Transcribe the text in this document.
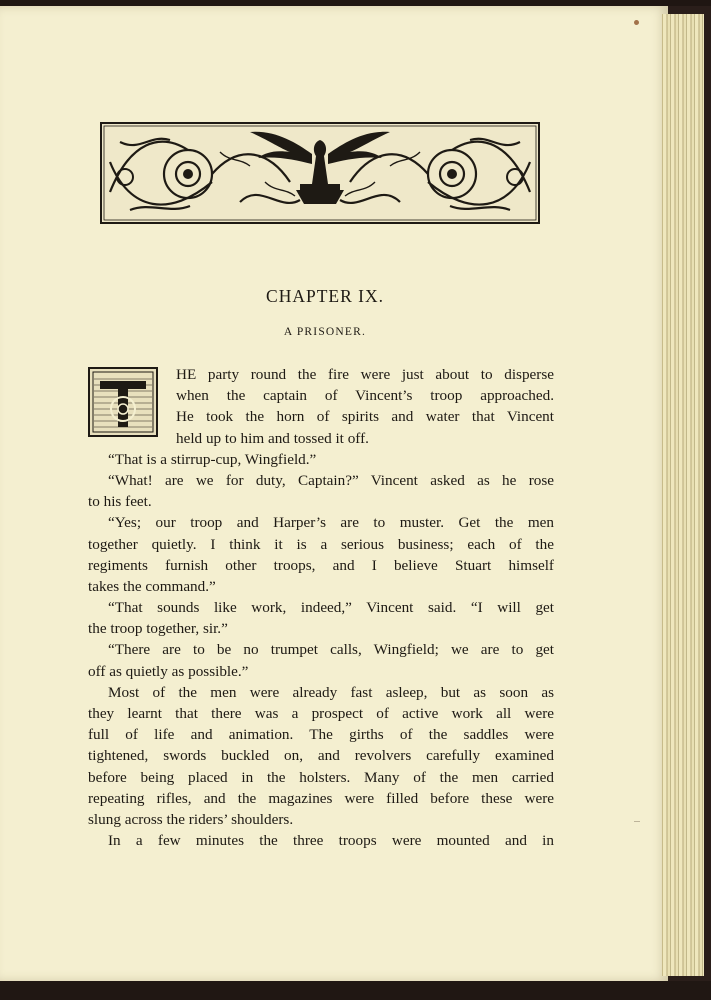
CHAPTER IX.
A PRISONER.
HE party round the fire were just about to disperse
when the captain of Vincent’s troop approached.
He took the horn of spirits and water that Vincent
held up to him and tossed it off.
“That is a stirrup-cup, Wingfield.”
“What! are we for duty, Captain?” Vincent asked as he rose
to his feet.
“Yes; our troop and Harper’s are to muster. Get the men
together quietly. I think it is a serious business; each of the
regiments furnish other troops, and I believe Stuart himself
takes the command.”
“That sounds like work, indeed,” Vincent said. “I will get
the troop together, sir.”
“There are to be no trumpet calls, Wingfield; we are to get
off as quietly as possible.”
Most of the men were already fast asleep, but as soon as
they learnt that there was a prospect of active work all were
full of life and animation. The girths of the saddles were
tightened, swords buckled on, and revolvers carefully examined
before being placed in the holsters. Many of the men carried
repeating rifles, and the magazines were filled before these were
slung across the riders’ shoulders.
In a few minutes the three troops were mounted and in
